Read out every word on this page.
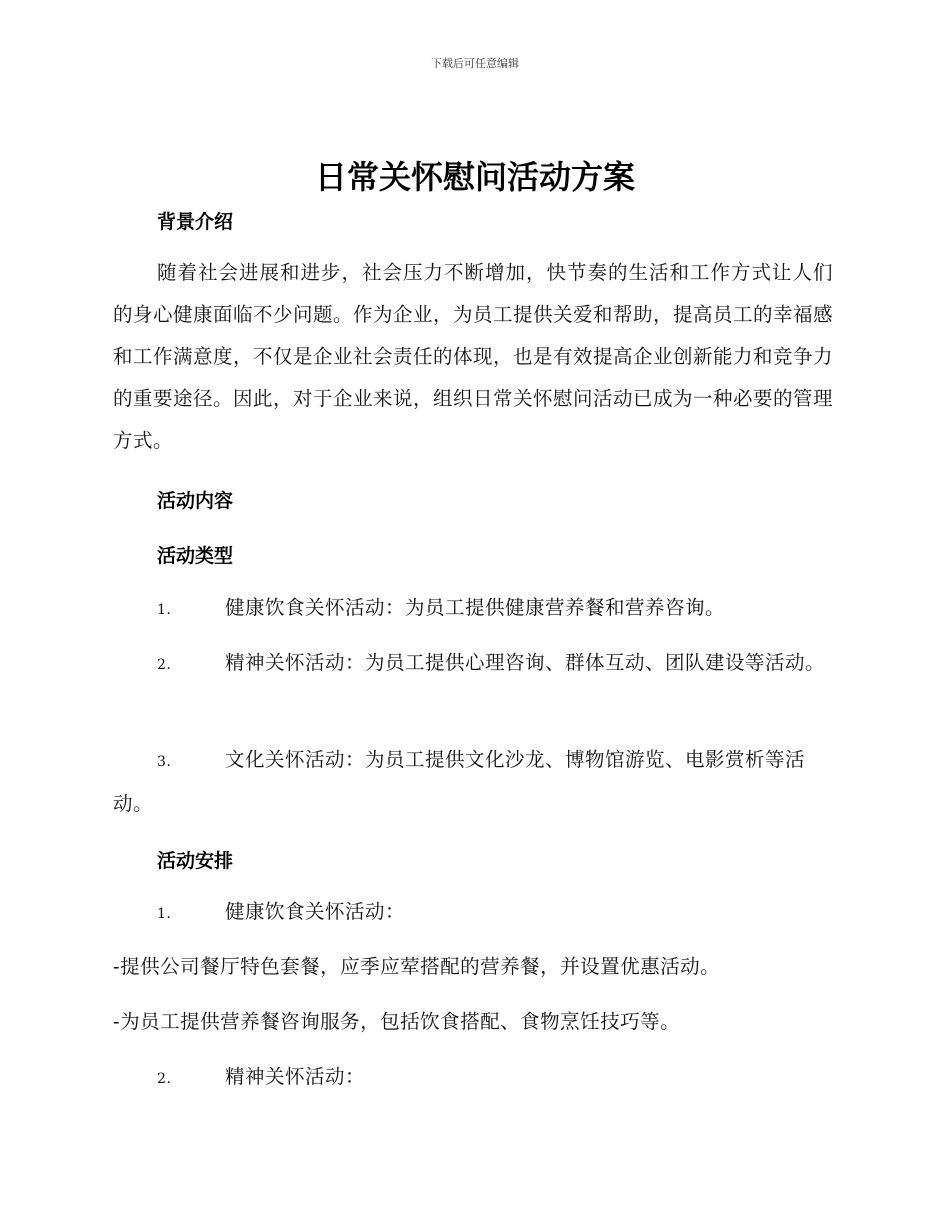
下载后可任意编辑
日常关怀慰问活动方案
背景介绍

随着社会进展和进步，社会压力不断增加，快节奏的生活和工作方式让人们的身心健康面临不少问题。作为企业，为员工提供关爱和帮助，提高员工的幸福感和工作满意度，不仅是企业社会责任的体现，也是有效提高企业创新能力和竞争力的重要途径。因此，对于企业来说，组织日常关怀慰问活动已成为一种必要的管理方式。

活动内容
活动类型
1.	健康饮食关怀活动：为员工提供健康营养餐和营养咨询。
2.	精神关怀活动：为员工提供心理咨询、群体互动、团队建设等活动。
3.	文化关怀活动：为员工提供文化沙龙、博物馆游览、电影赏析等活动。
活动安排
1.	健康饮食关怀活动：

-提供公司餐厅特色套餐，应季应荤搭配的营养餐，并设置优惠活动。

-为员工提供营养餐咨询服务，包括饮食搭配、食物烹饪技巧等。

2.	精神关怀活动：
